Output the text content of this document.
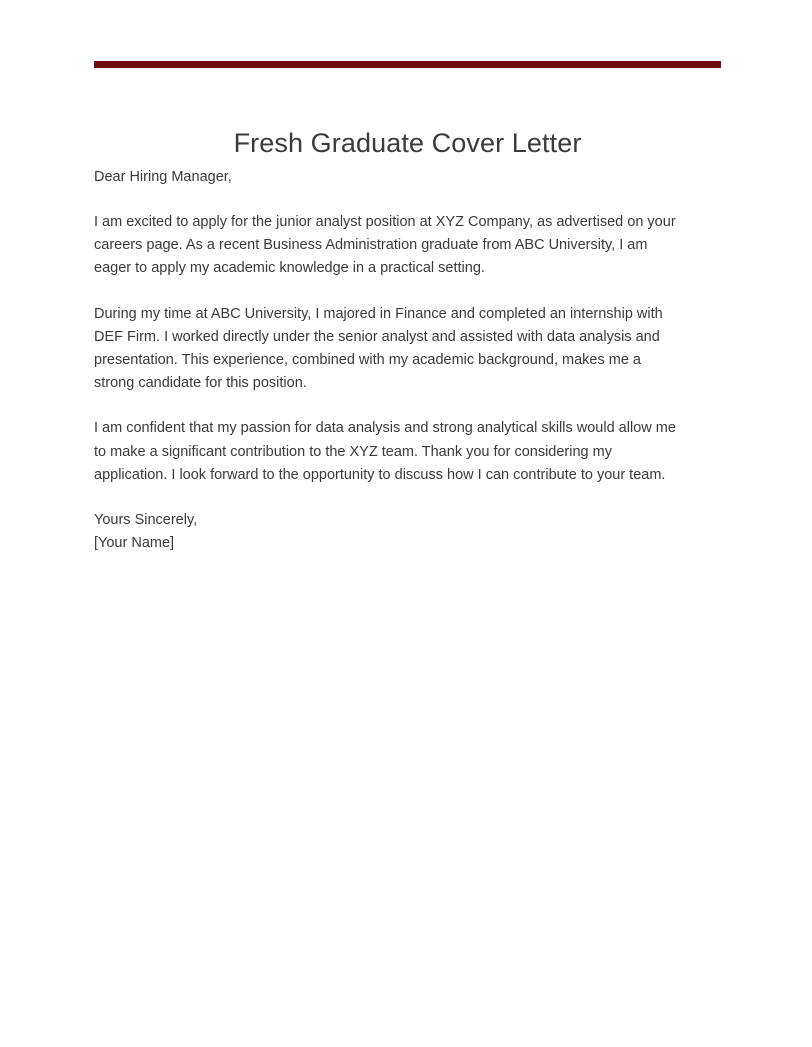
Fresh Graduate Cover Letter

Dear Hiring Manager,

I am excited to apply for the junior analyst position at XYZ Company, as advertised on your careers page. As a recent Business Administration graduate from ABC University, I am eager to apply my academic knowledge in a practical setting.

During my time at ABC University, I majored in Finance and completed an internship with DEF Firm. I worked directly under the senior analyst and assisted with data analysis and presentation. This experience, combined with my academic background, makes me a strong candidate for this position.

I am confident that my passion for data analysis and strong analytical skills would allow me to make a significant contribution to the XYZ team. Thank you for considering my application. I look forward to the opportunity to discuss how I can contribute to your team.

Yours Sincerely,

[Your Name]
